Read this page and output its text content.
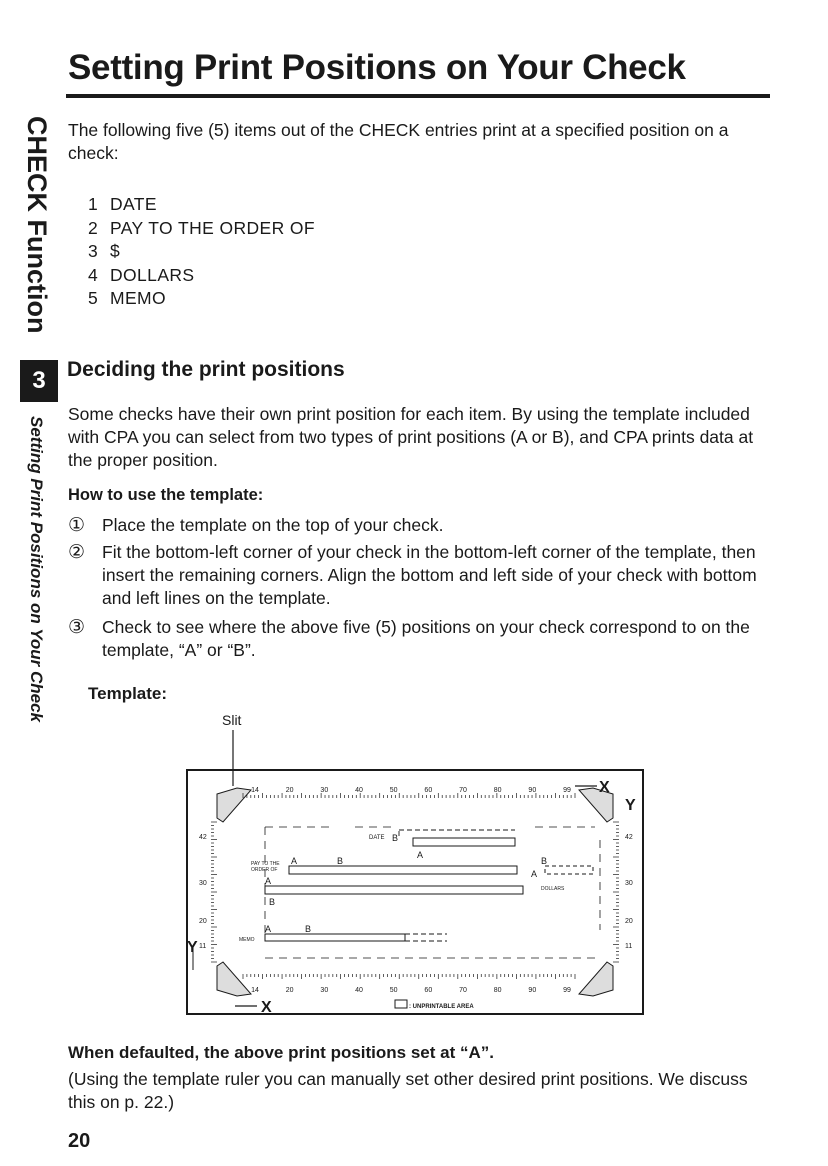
Setting Print Positions on Your Check
CHECK Function
3
Setting Print Positions on Your Check
The following five (5) items out of the CHECK entries print at a specified position on a check:
1 DATE
2 PAY TO THE ORDER OF
3 $
4 DOLLARS
5 MEMO
Deciding the print positions
Some checks have their own print position for each item. By using the template included with CPA you can select from two types of print positions (A or B), and CPA prints data at the proper position.
How to use the template:
① Place the template on the top of your check.
② Fit the bottom-left corner of your check in the bottom-left corner of the template, then insert the remaining corners. Align the bottom and left side of your check with bottom and left lines on the template.
③ Check to see where the above five (5) positions on your check correspond to on the template, “A” or “B”.
Template:
Slit
DATE B
A
PAY TO THE
ORDER OF
A	B
A
B
A
B
DOLLARS
MEMO
A	B
Y
Y
X
X
: UNPRINTABLE AREA
14	20	30	40	50	60	70	80	90	99
14	20	30	40	50	60	70	80	90	99
42	42
30	30
20	20
11	11
When defaulted, the above print positions set at “A”.
(Using the template ruler you can manually set other desired print positions. We discuss this on p. 22.)
20
